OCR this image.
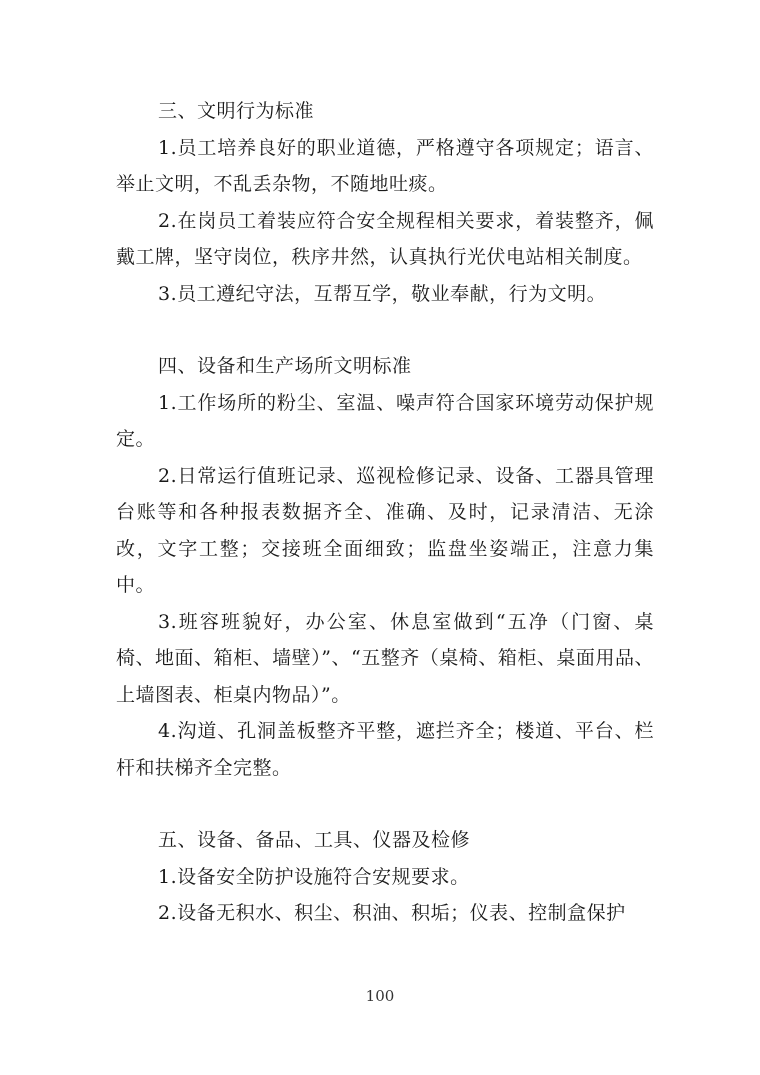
三、文明行为标准

1.员工培养良好的职业道德，严格遵守各项规定；语言、举止文明，不乱丢杂物，不随地吐痰。

2.在岗员工着装应符合安全规程相关要求，着装整齐，佩戴工牌，坚守岗位，秩序井然，认真执行光伏电站相关制度。

3.员工遵纪守法，互帮互学，敬业奉献，行为文明。

四、设备和生产场所文明标准

1.工作场所的粉尘、室温、噪声符合国家环境劳动保护规定。

2.日常运行值班记录、巡视检修记录、设备、工器具管理台账等和各种报表数据齐全、准确、及时，记录清洁、无涂改，文字工整；交接班全面细致；监盘坐姿端正，注意力集中。

3.班容班貌好，办公室、休息室做到“五净（门窗、桌椅、地面、箱柜、墙壁）”、“五整齐（桌椅、箱柜、桌面用品、上墙图表、柜桌内物品）”。

4.沟道、孔洞盖板整齐平整，遮拦齐全；楼道、平台、栏杆和扶梯齐全完整。

五、设备、备品、工具、仪器及检修

1.设备安全防护设施符合安规要求。

2.设备无积水、积尘、积油、积垢；仪表、控制盒保护

100
